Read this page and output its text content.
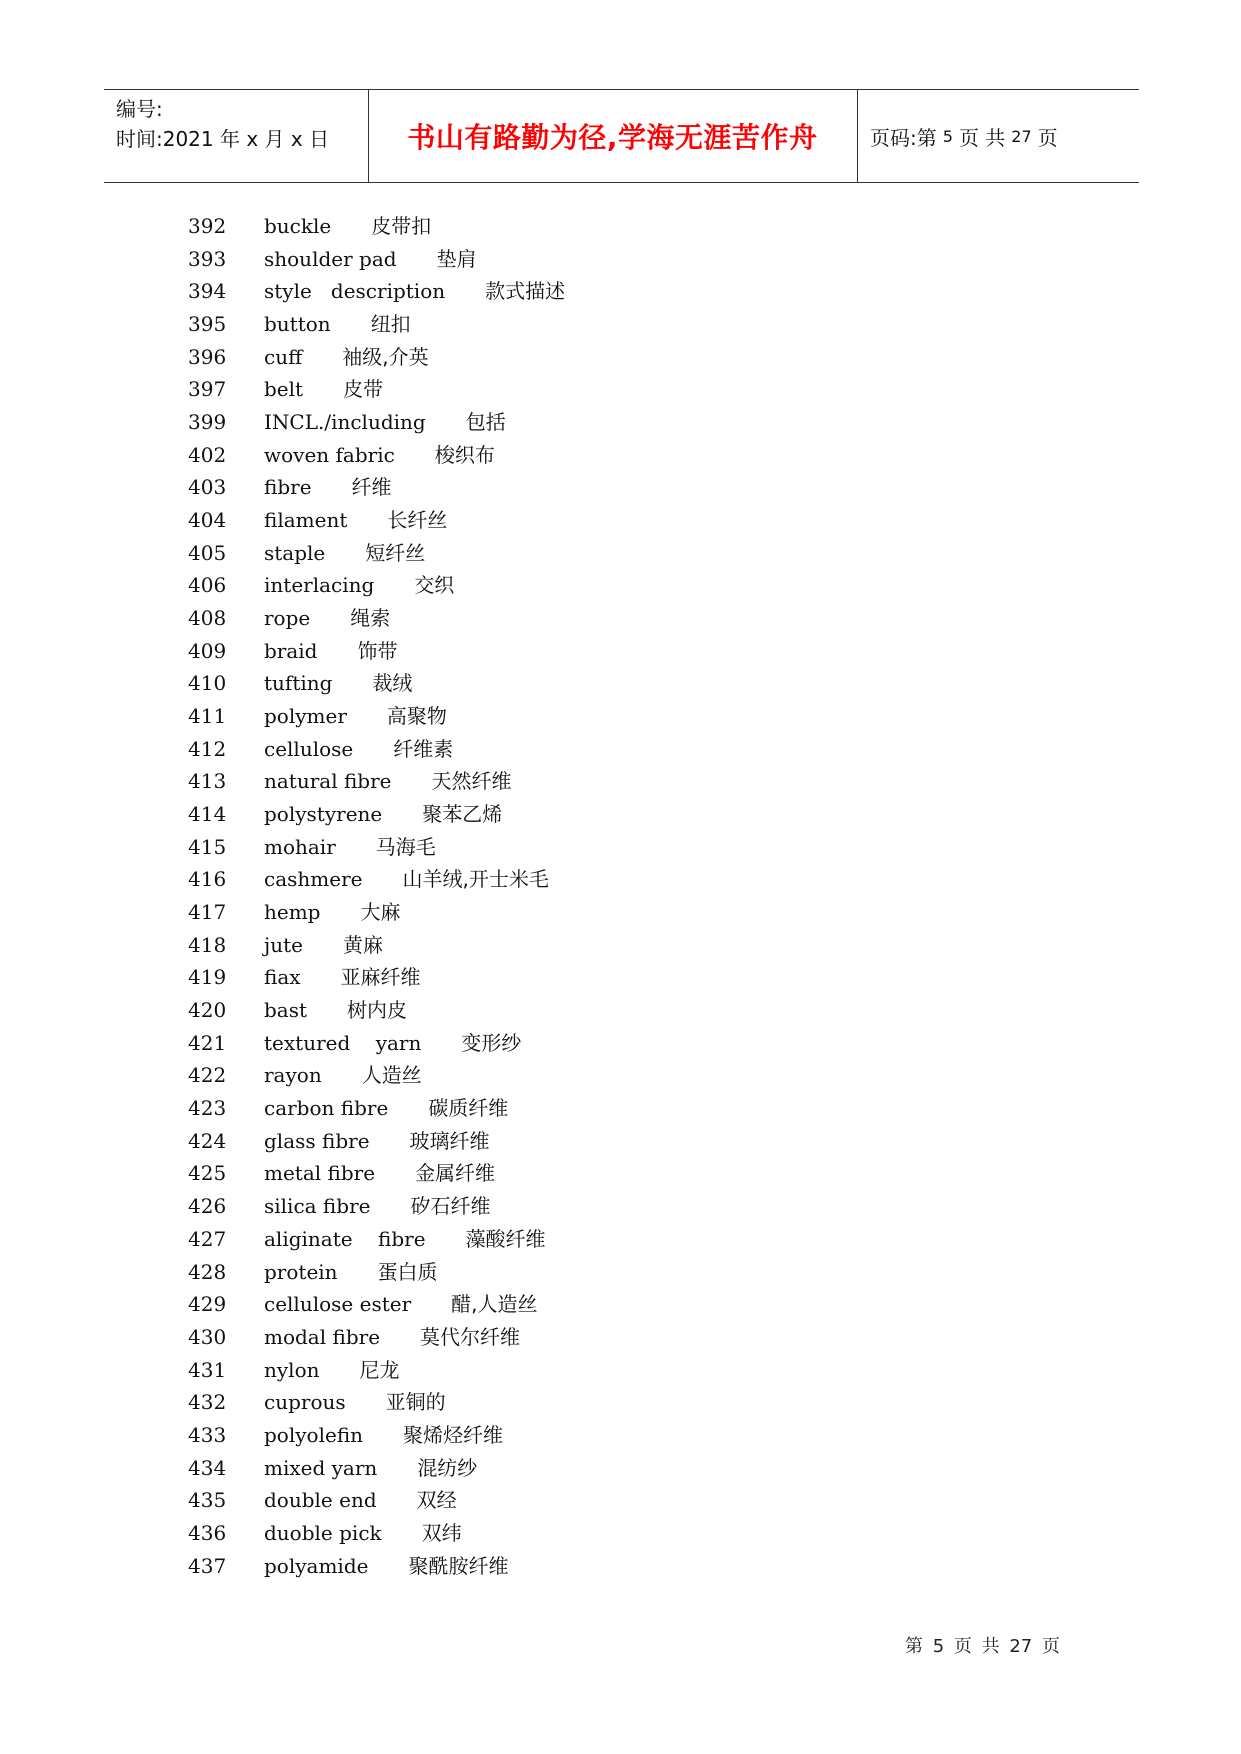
编号:
时间:2021 年 x 月 x 日	书山有路勤为径,学海无涯苦作舟	页码:第 5 页 共 27 页
392 buckle 皮带扣
393 shoulder pad 垫肩
394 style   description 款式描述
395 button 纽扣
396 cuff 袖级,介英
397 belt 皮带
399 INCL./including 包括
402 woven fabric 梭织布
403 fibre 纤维
404 filament 长纤丝
405 staple 短纤丝
406 interlacing 交织
408 rope 绳索
409 braid 饰带
410 tufting 裁绒
411 polymer 高聚物
412 cellulose 纤维素
413 natural fibre 天然纤维
414 polystyrene 聚苯乙烯
415 mohair 马海毛
416 cashmere 山羊绒,开士米毛
417 hemp 大麻
418 jute 黄麻
419 fiax 亚麻纤维
420 bast 树内皮
421 textured    yarn 变形纱
422 rayon 人造丝
423 carbon fibre 碳质纤维
424 glass fibre 玻璃纤维
425 metal fibre 金属纤维
426 silica fibre 矽石纤维
427 aliginate    fibre 藻酸纤维
428 protein 蛋白质
429 cellulose ester 醋,人造丝
430 modal fibre 莫代尔纤维
431 nylon 尼龙
432 cuprous 亚铜的
433 polyolefin 聚烯烃纤维
434 mixed yarn 混纺纱
435 double end 双经
436 duoble pick 双纬
437 polyamide 聚酰胺纤维
第 5 页 共 27 页
